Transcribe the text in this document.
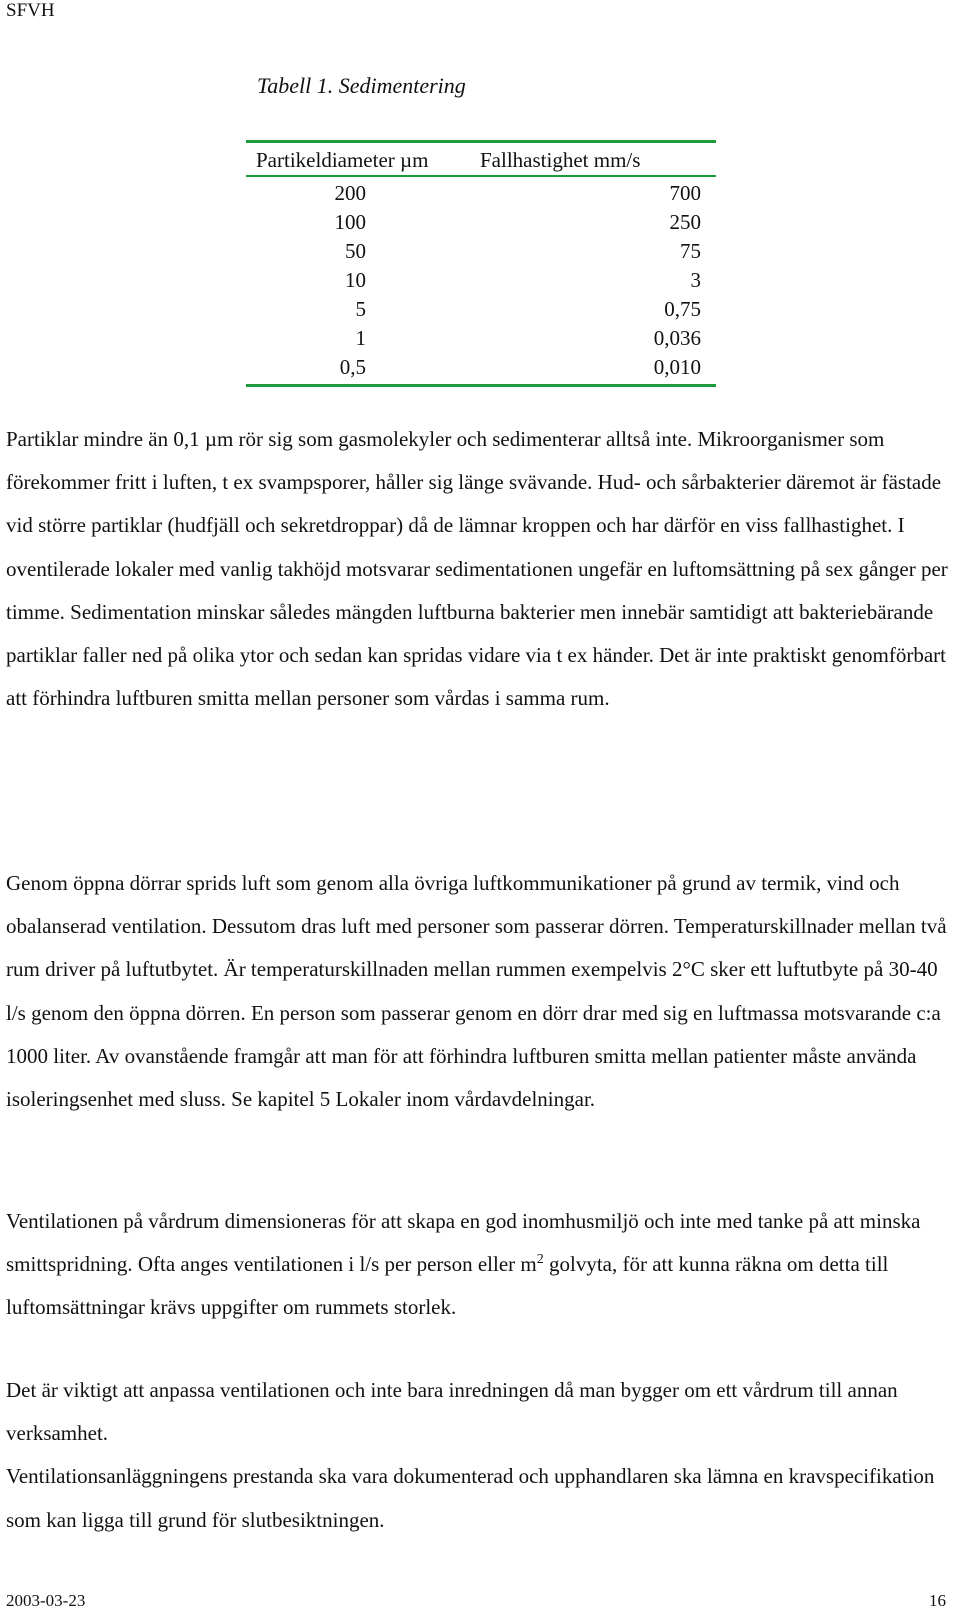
SFVH
Tabell 1. Sedimentering
Partikeldiameter µm	Fallhastighet mm/s
200	700
100	250
50	75
10	3
5	0,75
1	0,036
0,5	0,010
Partiklar mindre än 0,1 µm rör sig som gasmolekyler och sedimenterar alltså inte. Mikroorganismer som förekommer fritt i luften, t ex svampsporer, håller sig länge svävande. Hud- och sårbakterier däremot är fästade vid större partiklar (hudfjäll och sekretdroppar) då de lämnar kroppen och har därför en viss fallhastighet. I oventilerade lokaler med vanlig takhöjd motsvarar sedimentationen ungefär en luftomsättning på sex gånger per timme. Sedimentation minskar således mängden luftburna bakterier men innebär samtidigt att bakteriebärande partiklar faller ned på olika ytor och sedan kan spridas vidare via t ex händer. Det är inte praktiskt genomförbart att förhindra luftburen smitta mellan personer som vårdas i samma rum.
Genom öppna dörrar sprids luft som genom alla övriga luftkommunikationer på grund av termik, vind och obalanserad ventilation. Dessutom dras luft med personer som passerar dörren. Temperaturskillnader mellan två rum driver på luftutbytet. Är temperaturskillnaden mellan rummen exempelvis 2°C sker ett luftutbyte på 30-40 l/s genom den öppna dörren. En person som passerar genom en dörr drar med sig en luftmassa motsvarande c:a 1000 liter. Av ovanstående framgår att man för att förhindra luftburen smitta mellan patienter måste använda isoleringsenhet med sluss. Se kapitel 5 Lokaler inom vårdavdelningar.
Ventilationen på vårdrum dimensioneras för att skapa en god inomhusmiljö och inte med tanke på att minska smittspridning. Ofta anges ventilationen i l/s per person eller $m^2$ golvyta, för att kunna räkna om detta till luftomsättningar krävs uppgifter om rummets storlek.
Det är viktigt att anpassa ventilationen och inte bara inredningen då man bygger om ett vårdrum till annan verksamhet.
Ventilationsanläggningens prestanda ska vara dokumenterad och upphandlaren ska lämna en kravspecifikation som kan ligga till grund för slutbesiktningen.
2003-03-23	16
